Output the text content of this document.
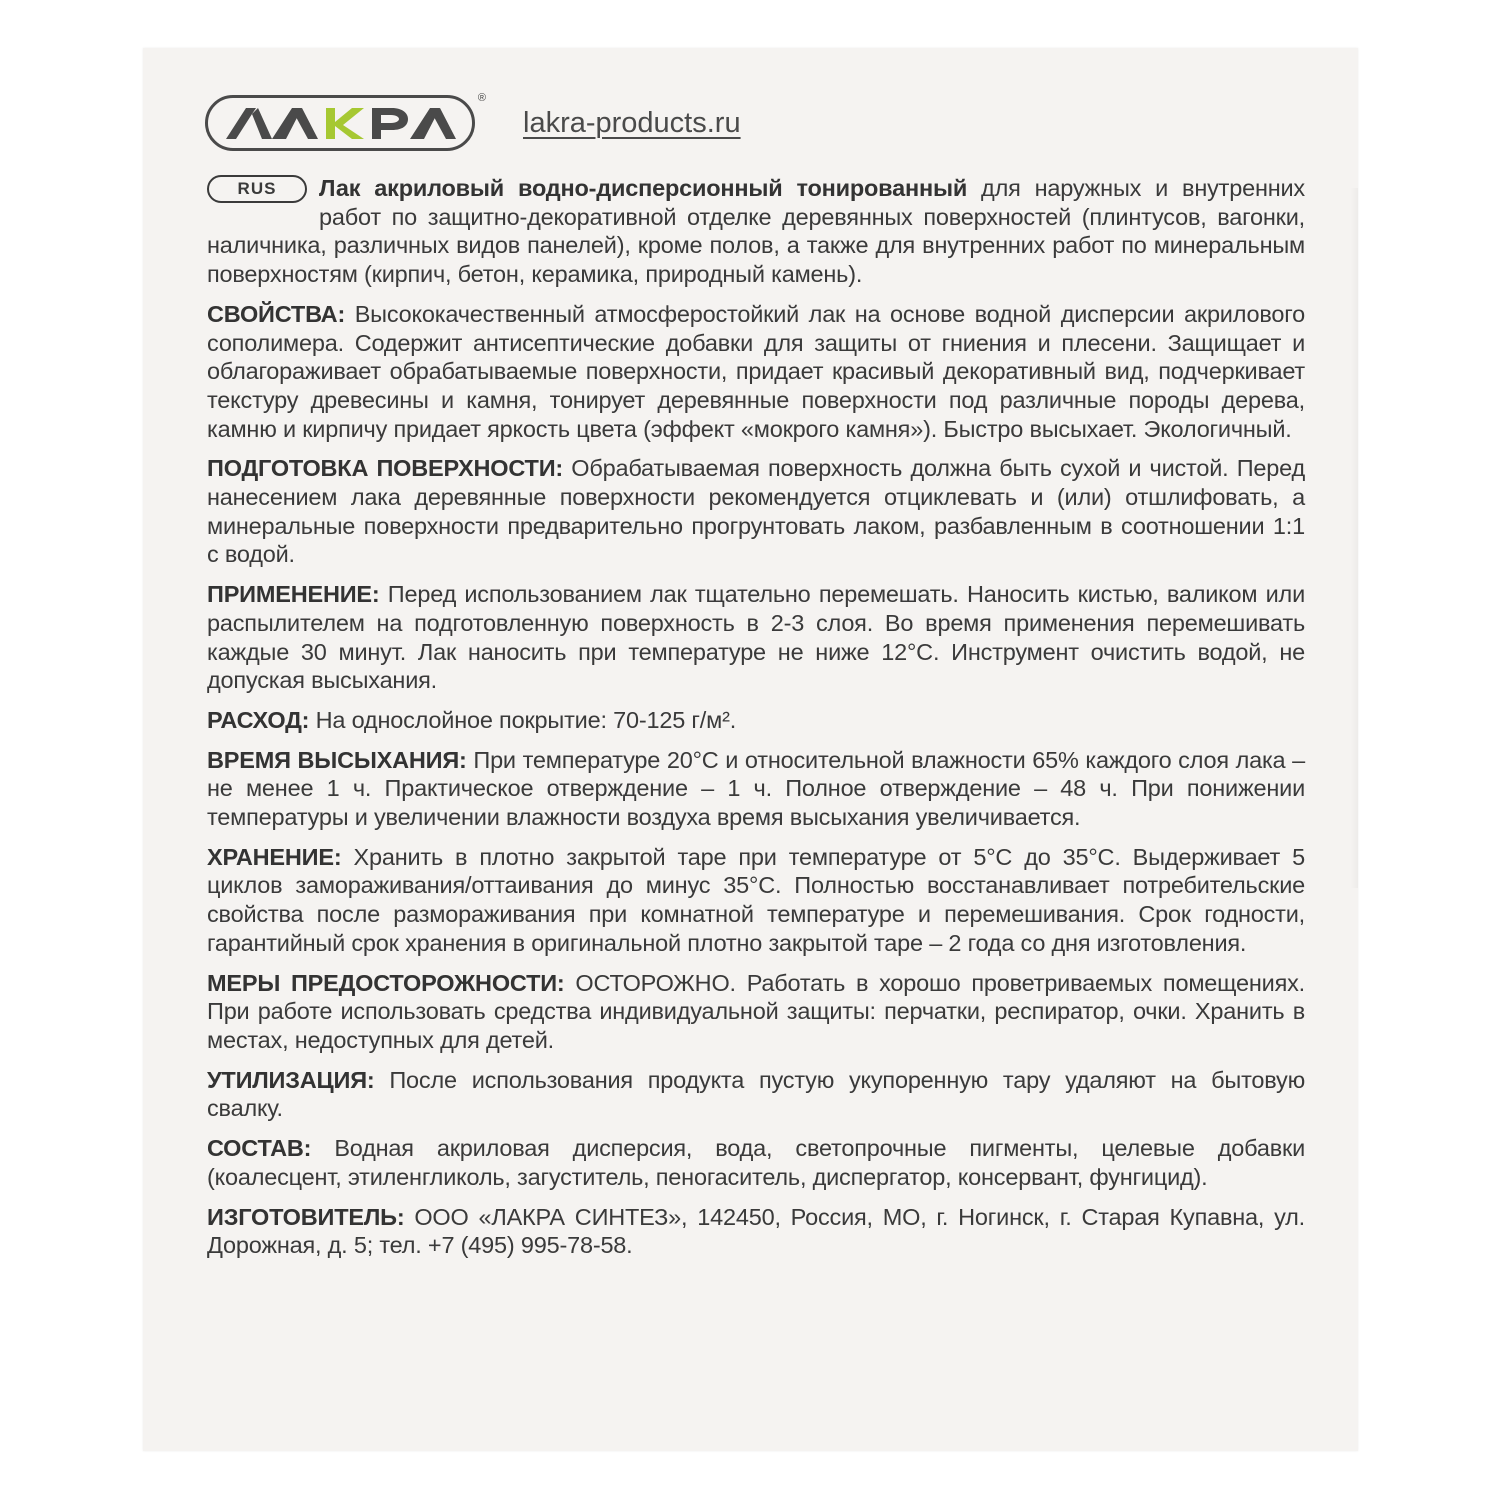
®
lakra-products.ru

RUS	Лак акриловый водно-дисперсионный тонированный для наружных и внутренних работ по защитно-декоративной отделке деревянных поверхностей (плинтусов, вагонки, наличника, различных видов панелей), кроме полов, а также для внутренних работ по минеральным поверхностям (кирпич, бетон, керамика, природный камень).

СВОЙСТВА: Высококачественный атмосферостойкий лак на основе водной дисперсии акрилового сополимера. Содержит антисептические добавки для защиты от гниения и плесени. Защищает и облагораживает обрабатываемые поверхности, придает красивый декоративный вид, подчеркивает текстуру древесины и камня, тонирует деревянные поверхности под различные породы дерева, камню и кирпичу придает яркость цвета (эффект «мокрого камня»). Быстро высыхает. Экологичный.

ПОДГОТОВКА ПОВЕРХНОСТИ: Обрабатываемая поверхность должна быть сухой и чистой. Перед нанесением лака деревянные поверхности рекомендуется отциклевать и (или) отшлифовать, а минеральные поверхности предварительно прогрунтовать лаком, разбавленным в соотношении 1:1 с водой.

ПРИМЕНЕНИЕ: Перед использованием лак тщательно перемешать. Наносить кистью, валиком или распылителем на подготовленную поверхность в 2-3 слоя. Во время применения перемешивать каждые 30 минут. Лак наносить при температуре не ниже 12°С. Инструмент очистить водой, не допуская высыхания.

РАСХОД: На однослойное покрытие: 70-125 г/м².

ВРЕМЯ ВЫСЫХАНИЯ: При температуре 20°С и относительной влажности 65% каждого слоя лака – не менее 1 ч. Практическое отверждение – 1 ч. Полное отверждение – 48 ч. При понижении температуры и увеличении влажности воздуха время высыхания увеличивается.

ХРАНЕНИЕ: Хранить в плотно закрытой таре при температуре от 5°С до 35°С. Выдерживает 5 циклов замораживания/оттаивания до минус 35°С. Полностью восстанавливает потребительские свойства после размораживания при комнатной температуре и перемешивания. Срок годности, гарантийный срок хранения в оригинальной плотно закрытой таре – 2 года со дня изготовления.

МЕРЫ ПРЕДОСТОРОЖНОСТИ: ОСТОРОЖНО. Работать в хорошо проветриваемых помещениях. При работе использовать средства индивидуальной защиты: перчатки, респиратор, очки. Хранить в местах, недоступных для детей.

УТИЛИЗАЦИЯ: После использования продукта пустую укупоренную тару удаляют на бытовую свалку.

СОСТАВ: Водная акриловая дисперсия, вода, светопрочные пигменты, целевые добавки (коалесцент, этиленгликоль, загуститель, пеногаситель, диспергатор, консервант, фунгицид).

ИЗГОТОВИТЕЛЬ: ООО «ЛАКРА СИНТЕЗ», 142450, Россия, МО, г. Ногинск, г. Старая Купавна, ул. Дорожная, д. 5; тел. +7 (495) 995-78-58.
